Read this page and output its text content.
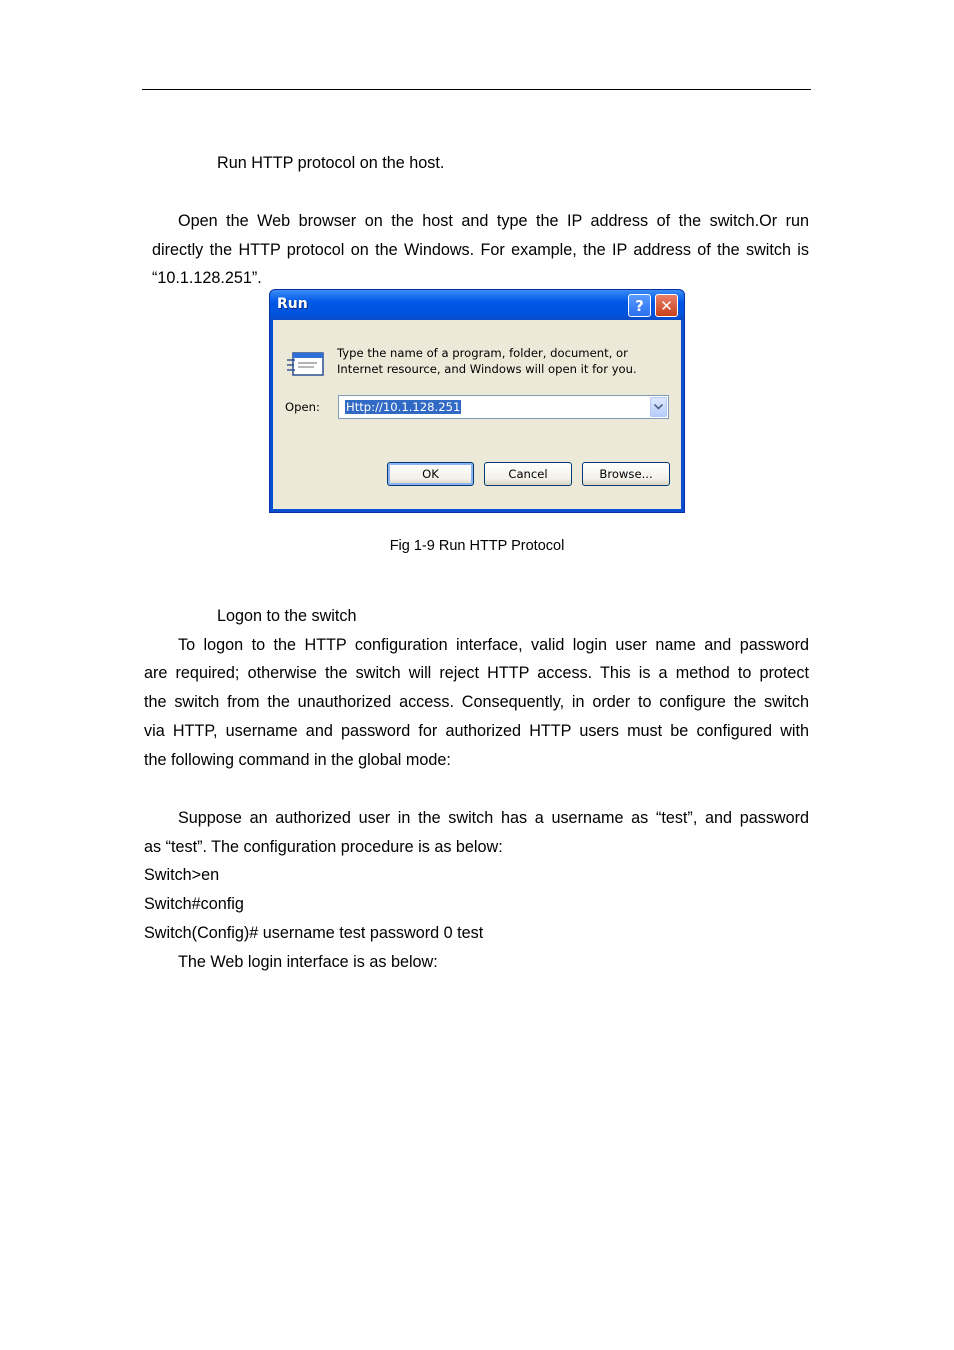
Run HTTP protocol on the host.
Open the Web browser on the host and type the IP address of the switch.Or run
directly the HTTP protocol on the Windows. For example, the IP address of the switch is
“10.1.128.251”.
Run	? ✕
Type the name of a program, folder, document, or
Internet resource, and Windows will open it for you.
Open: Http://10.1.128.251
OK	Cancel	Browse...
Fig 1-9 Run HTTP Protocol
Logon to the switch
To logon to the HTTP configuration interface, valid login user name and password
are required; otherwise the switch will reject HTTP access. This is a method to protect
the switch from the unauthorized access. Consequently, in order to configure the switch
via HTTP, username and password for authorized HTTP users must be configured with
the following command in the global mode:
Suppose an authorized user in the switch has a username as “test”, and password
as “test”. The configuration procedure is as below:
Switch>en
Switch#config
Switch(Config)# username test password 0 test
The Web login interface is as below:
